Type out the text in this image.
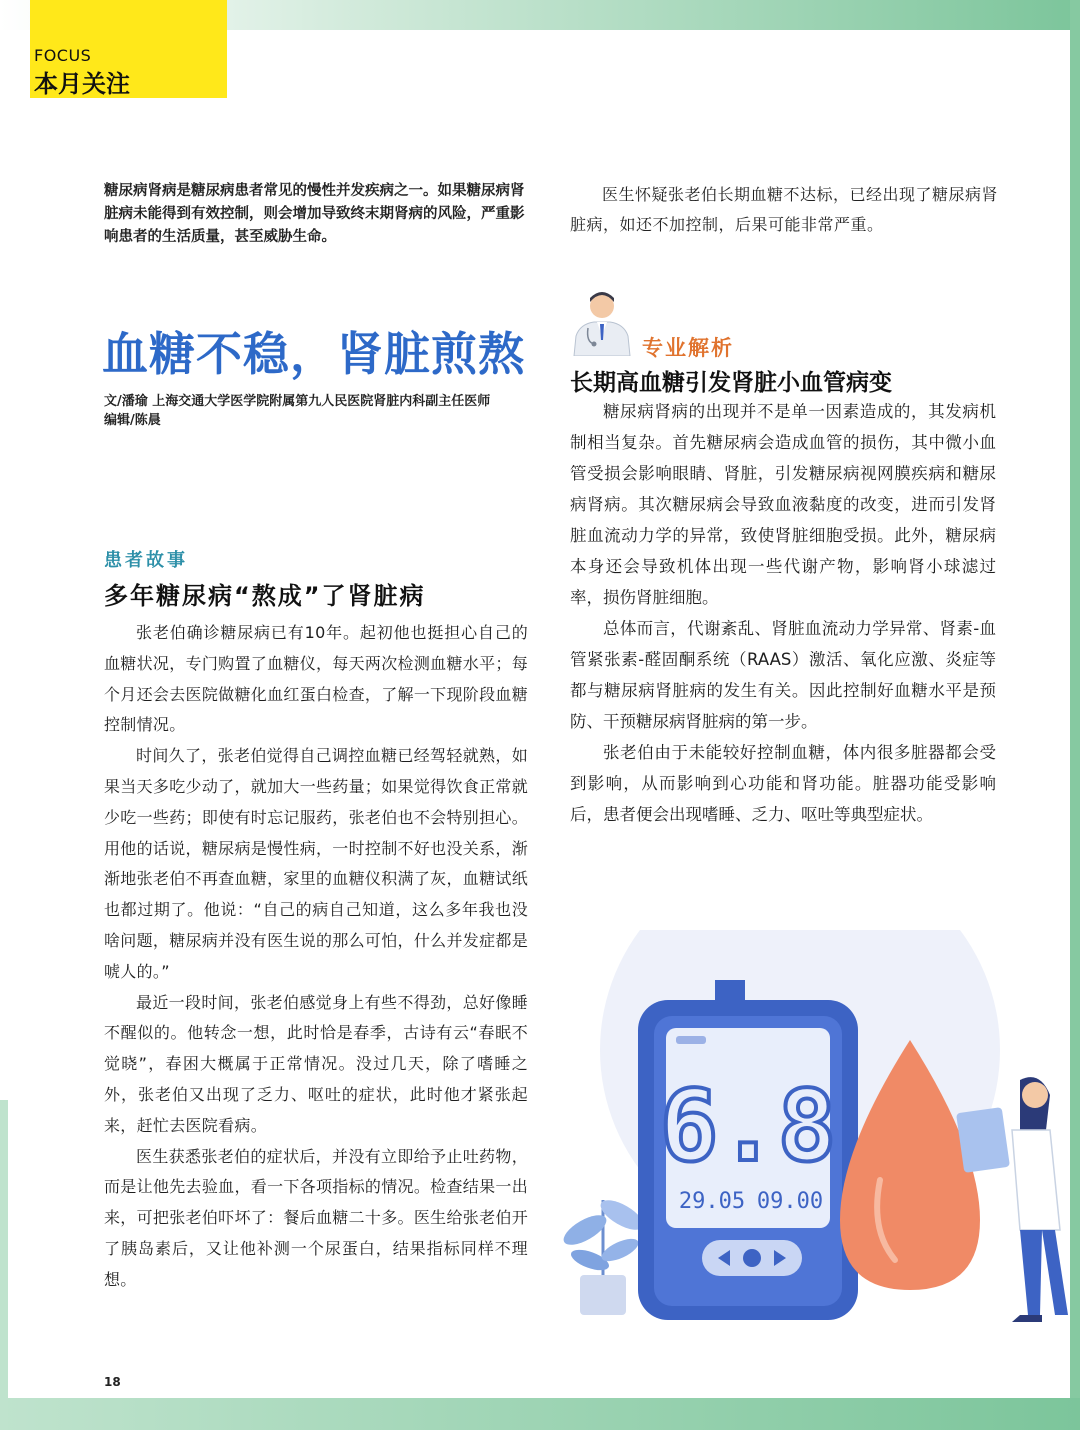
FOCUS
本月关注
糖尿病肾病是糖尿病患者常见的慢性并发疾病之一。如果糖尿病肾脏病未能得到有效控制，则会增加导致终末期肾病的风险，严重影响患者的生活质量，甚至威胁生命。
医生怀疑张老伯长期血糖不达标，已经出现了糖尿病肾脏病，如还不加控制，后果可能非常严重。
血糖不稳，肾脏煎熬
文/潘瑜 上海交通大学医学院附属第九人民医院肾脏内科副主任医师
编辑/陈晨
患者故事
多年糖尿病“熬成”了肾脏病

张老伯确诊糖尿病已有10年。起初他也挺担心自己的血糖状况，专门购置了血糖仪，每天两次检测血糖水平；每个月还会去医院做糖化血红蛋白检查，了解一下现阶段血糖控制情况。

时间久了，张老伯觉得自己调控血糖已经驾轻就熟，如果当天多吃少动了，就加大一些药量；如果觉得饮食正常就少吃一些药；即使有时忘记服药，张老伯也不会特别担心。用他的话说，糖尿病是慢性病，一时控制不好也没关系，渐渐地张老伯不再查血糖，家里的血糖仪积满了灰，血糖试纸也都过期了。他说：“自己的病自己知道，这么多年我也没啥问题，糖尿病并没有医生说的那么可怕，什么并发症都是唬人的。”

最近一段时间，张老伯感觉身上有些不得劲，总好像睡不醒似的。他转念一想，此时恰是春季，古诗有云“春眠不觉晓”，春困大概属于正常情况。没过几天，除了嗜睡之外，张老伯又出现了乏力、呕吐的症状，此时他才紧张起来，赶忙去医院看病。

医生获悉张老伯的症状后，并没有立即给予止吐药物，而是让他先去验血，看一下各项指标的情况。检查结果一出来，可把张老伯吓坏了：餐后血糖二十多。医生给张老伯开了胰岛素后，又让他补测一个尿蛋白，结果指标同样不理想。

专业解析
长期高血糖引发肾脏小血管病变

糖尿病肾病的出现并不是单一因素造成的，其发病机制相当复杂。首先糖尿病会造成血管的损伤，其中微小血管受损会影响眼睛、肾脏，引发糖尿病视网膜疾病和糖尿病肾病。其次糖尿病会导致血液黏度的改变，进而引发肾脏血流动力学的异常，致使肾脏细胞受损。此外，糖尿病本身还会导致机体出现一些代谢产物，影响肾小球滤过率，损伤肾脏细胞。

总体而言，代谢紊乱、肾脏血流动力学异常、肾素-血管紧张素-醛固酮系统（RAAS）激活、氧化应激、炎症等都与糖尿病肾脏病的发生有关。因此控制好血糖水平是预防、干预糖尿病肾脏病的第一步。

张老伯由于未能较好控制血糖，体内很多脏器都会受到影响，从而影响到心功能和肾功能。脏器功能受影响后，患者便会出现嗜睡、乏力、呕吐等典型症状。

6.8
29.05 09.00
18
